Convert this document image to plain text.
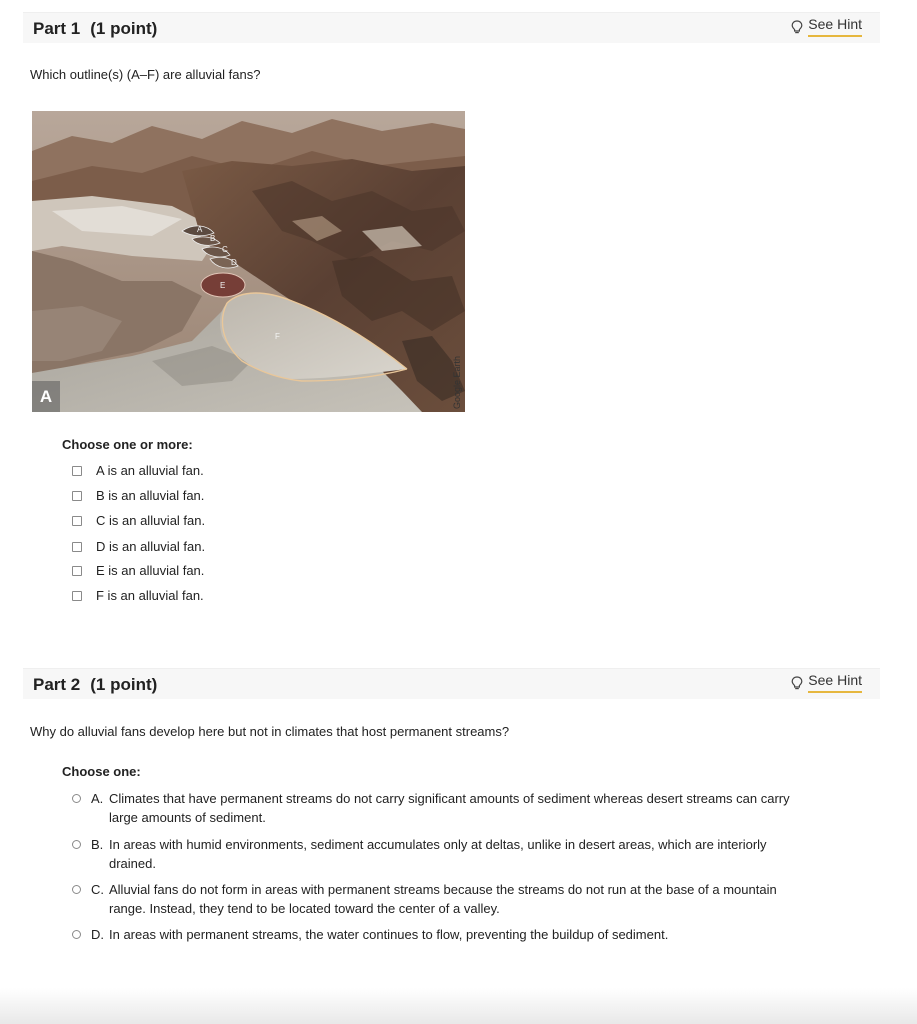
Part 1 (1 point)	See Hint
Which outline(s) (A–F) are alluvial fans?
A
B
C
D
E
F
A	Google Earth
Choose one or more:
A is an alluvial fan.
B is an alluvial fan.
C is an alluvial fan.
D is an alluvial fan.
E is an alluvial fan.
F is an alluvial fan.
Part 2 (1 point)	See Hint
Why do alluvial fans develop here but not in climates that host permanent streams?
Choose one:
A. Climates that have permanent streams do not carry significant amounts of sediment whereas desert streams can carry large amounts of sediment.
B. In areas with humid environments, sediment accumulates only at deltas, unlike in desert areas, which are interiorly drained.
C. Alluvial fans do not form in areas with permanent streams because the streams do not run at the base of a mountain range. Instead, they tend to be located toward the center of a valley.
D. In areas with permanent streams, the water continues to flow, preventing the buildup of sediment.
